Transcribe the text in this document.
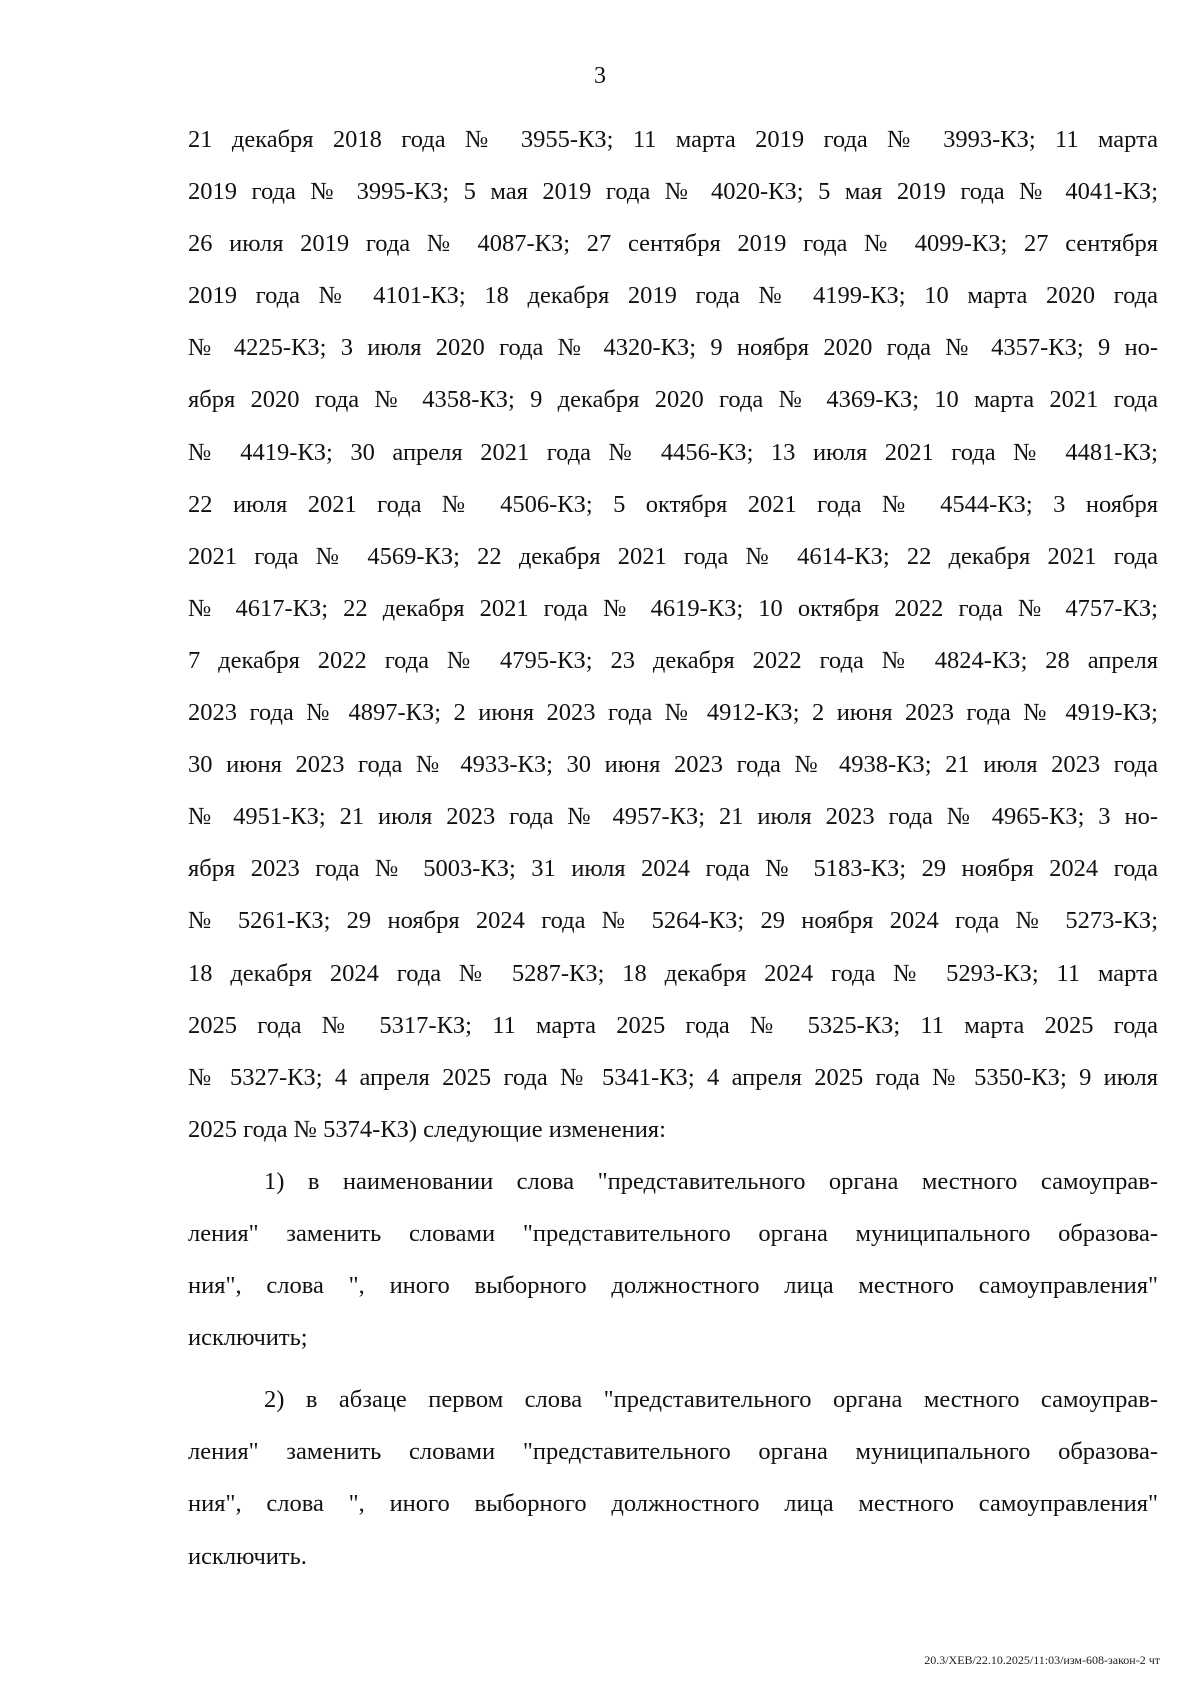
3
21 декабря 2018 года № 3955-КЗ; 11 марта 2019 года № 3993-КЗ; 11 марта
2019 года № 3995-КЗ; 5 мая 2019 года № 4020-КЗ; 5 мая 2019 года № 4041-КЗ;
26 июля 2019 года № 4087-КЗ; 27 сентября 2019 года № 4099-КЗ; 27 сентября
2019 года № 4101-КЗ; 18 декабря 2019 года № 4199-КЗ; 10 марта 2020 года
№ 4225-КЗ; 3 июля 2020 года № 4320-КЗ; 9 ноября 2020 года № 4357-КЗ; 9 но-
ября 2020 года № 4358-КЗ; 9 декабря 2020 года № 4369-КЗ; 10 марта 2021 года
№ 4419-КЗ; 30 апреля 2021 года № 4456-КЗ; 13 июля 2021 года № 4481-КЗ;
22 июля 2021 года № 4506-КЗ; 5 октября 2021 года № 4544-КЗ; 3 ноября
2021 года № 4569-КЗ; 22 декабря 2021 года № 4614-КЗ; 22 декабря 2021 года
№ 4617-КЗ; 22 декабря 2021 года № 4619-КЗ; 10 октября 2022 года № 4757-КЗ;
7 декабря 2022 года № 4795-КЗ; 23 декабря 2022 года № 4824-КЗ; 28 апреля
2023 года № 4897-КЗ; 2 июня 2023 года № 4912-КЗ; 2 июня 2023 года № 4919-КЗ;
30 июня 2023 года № 4933-КЗ; 30 июня 2023 года № 4938-КЗ; 21 июля 2023 года
№ 4951-КЗ; 21 июля 2023 года № 4957-КЗ; 21 июля 2023 года № 4965-КЗ; 3 но-
ября 2023 года № 5003-КЗ; 31 июля 2024 года № 5183-КЗ; 29 ноября 2024 года
№ 5261-КЗ; 29 ноября 2024 года № 5264-КЗ; 29 ноября 2024 года № 5273-КЗ;
18 декабря 2024 года № 5287-КЗ; 18 декабря 2024 года № 5293-КЗ; 11 марта
2025 года № 5317-КЗ; 11 марта 2025 года № 5325-КЗ; 11 марта 2025 года
№ 5327-КЗ; 4 апреля 2025 года № 5341-КЗ; 4 апреля 2025 года № 5350-КЗ; 9 июля
2025 года № 5374-КЗ) следующие изменения:
1) в наименовании слова "представительного органа местного самоуправ-
ления" заменить словами "представительного органа муниципального образова-
ния", слова ", иного выборного должностного лица местного самоуправления"
исключить;
2) в абзаце первом слова "представительного органа местного самоуправ-
ления" заменить словами "представительного органа муниципального образова-
ния", слова ", иного выборного должностного лица местного самоуправления"
исключить.
20.3/ХЕВ/22.10.2025/11:03/изм-608-закон-2 чт
